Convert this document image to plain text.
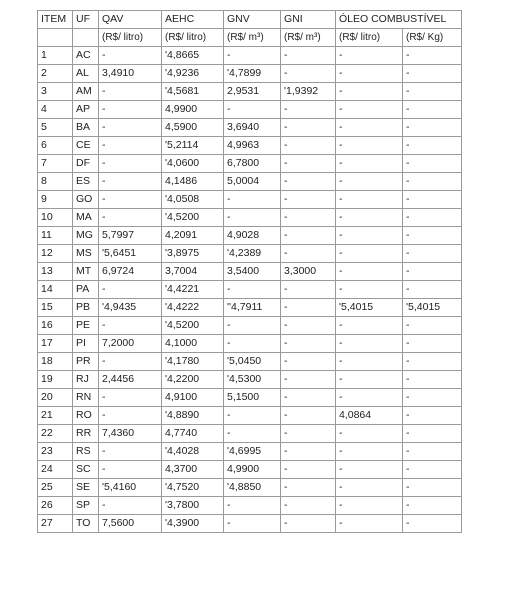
ITEM	UF	QAV	AEHC	GNV	GNI	ÓLEO COMBUSTÍVEL	
		(R$/ litro)	(R$/ litro)	(R$/ m³)	(R$/ m³)	(R$/ litro)	(R$/ Kg)
1	AC	-	'4,8665	-	-	-	-
2	AL	3,4910	'4,9236	'4,7899	-	-	-
3	AM	-	'4,5681	2,9531	'1,9392	-	-
4	AP	-	4,9900	-	-	-	-
5	BA	-	4,5900	3,6940	-	-	-
6	CE	-	'5,2114	4,9963	-	-	-
7	DF	-	'4,0600	6,7800	-	-	-
8	ES	-	4,1486	5,0004	-	-	-
9	GO	-	'4,0508	-	-	-	-
10	MA	-	'4,5200	-	-	-	-
11	MG	5,7997	4,2091	4,9028	-	-	-
12	MS	'5,6451	'3,8975	'4,2389	-	-	-
13	MT	6,9724	3,7004	3,5400	3,3000	-	-
14	PA	-	'4,4221	-	-	-	-
15	PB	'4,9435	'4,4222	''4,7911	-	'5,4015	'5,4015
16	PE	-	'4,5200	-	-	-	-
17	PI	7,2000	4,1000	-	-	-	-
18	PR	-	'4,1780	'5,0450	-	-	-
19	RJ	2,4456	'4,2200	'4,5300	-	-	-
20	RN	-	4,9100	5,1500	-	-	-
21	RO	-	'4,8890	-	-	4,0864	-
22	RR	7,4360	4,7740	-	-	-	-
23	RS	-	'4,4028	'4,6995	-	-	-
24	SC	-	4,3700	4,9900	-	-	-
25	SE	'5,4160	'4,7520	'4,8850	-	-	-
26	SP	-	'3,7800	-	-	-	-
27	TO	7,5600	'4,3900	-	-	-	-
